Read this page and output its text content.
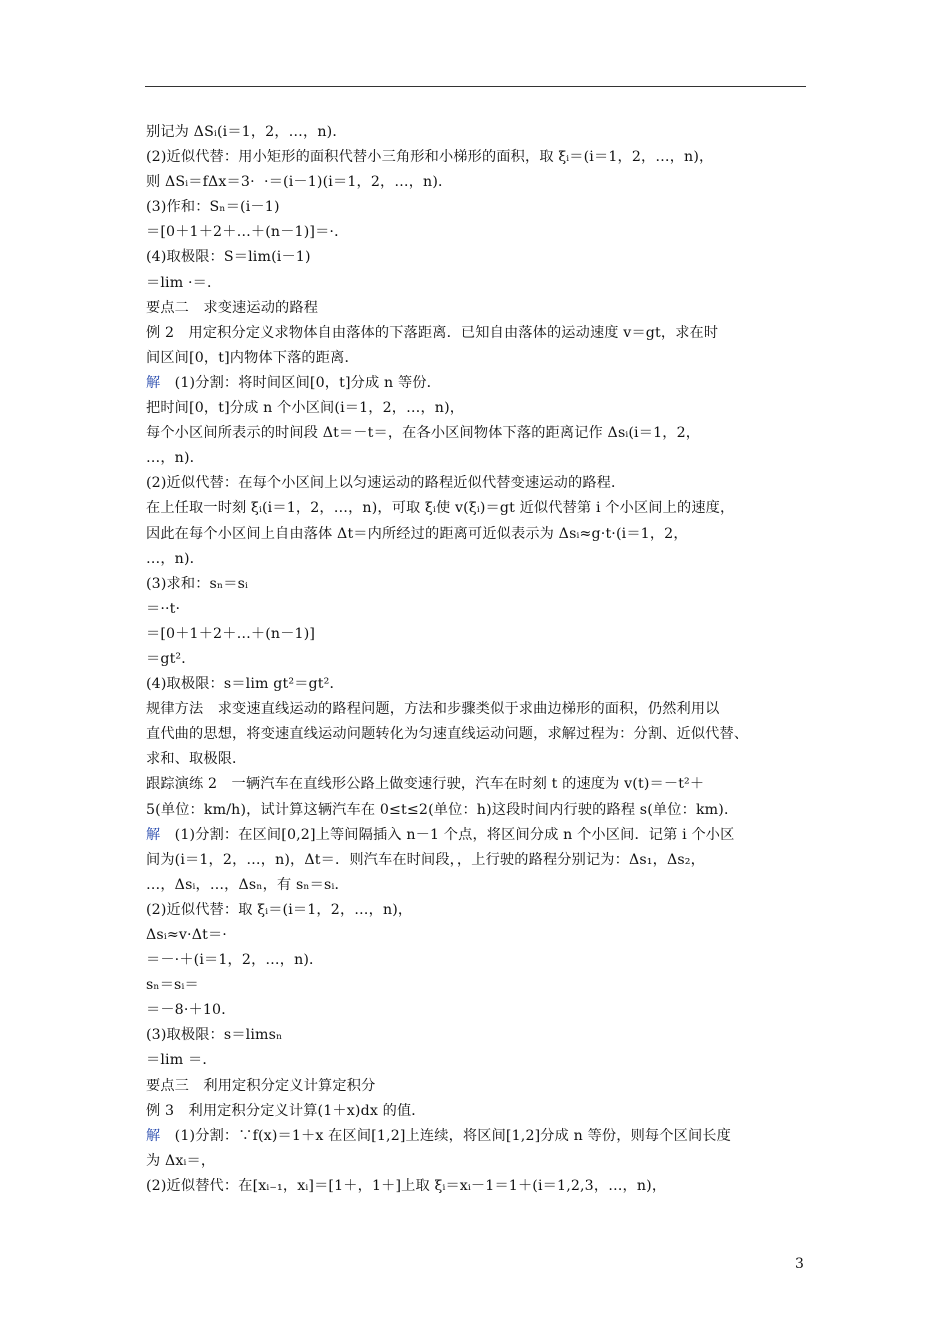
别记为 ΔSᵢ(i＝1，2，…，n)．
(2)近似代替：用小矩形的面积代替小三角形和小梯形的面积，取 ξᵢ＝(i＝1，2，…，n)，
则 ΔSᵢ＝fΔx＝3·  ·＝(i－1)(i＝1，2，…，n)．
(3)作和：Sₙ＝(i－1)
＝[0＋1＋2＋…＋(n－1)]＝·．
(4)取极限：S＝lim(i－1)
＝lim ·＝．
要点二　求变速运动的路程
例 2　用定积分定义求物体自由落体的下落距离．已知自由落体的运动速度 v＝gt，求在时
间区间[0，t]内物体下落的距离．
解　(1)分割：将时间区间[0，t]分成 n 等份．
把时间[0，t]分成 n 个小区间(i＝1，2，…，n)，
每个小区间所表示的时间段 Δt＝－t＝，在各小区间物体下落的距离记作 Δsᵢ(i＝1，2，
…，n)．
(2)近似代替：在每个小区间上以匀速运动的路程近似代替变速运动的路程．
在上任取一时刻 ξᵢ(i＝1，2，…，n)，可取 ξᵢ使 v(ξᵢ)＝gt 近似代替第 i 个小区间上的速度，
因此在每个小区间上自由落体 Δt＝内所经过的距离可近似表示为 Δsᵢ≈g·t·(i＝1，2，
…，n)．
(3)求和：sₙ＝sᵢ
＝··t·
＝[0＋1＋2＋…＋(n－1)]
＝gt²．
(4)取极限：s＝lim gt²＝gt²．
规律方法　求变速直线运动的路程问题，方法和步骤类似于求曲边梯形的面积，仍然利用以
直代曲的思想，将变速直线运动问题转化为匀速直线运动问题，求解过程为：分割、近似代替、
求和、取极限．
跟踪演练 2　一辆汽车在直线形公路上做变速行驶，汽车在时刻 t 的速度为 v(t)＝－t²＋
5(单位：km/h)，试计算这辆汽车在 0≤t≤2(单位：h)这段时间内行驶的路程 s(单位：km)．
解　(1)分割：在区间[0,2]上等间隔插入 n－1 个点，将区间分成 n 个小区间．记第 i 个小区
间为(i＝1，2，…，n)，Δt＝．则汽车在时间段，，上行驶的路程分别记为：Δs₁，Δs₂，
…，Δsᵢ，…，Δsₙ，有 sₙ＝sᵢ．
(2)近似代替：取 ξᵢ＝(i＝1，2，…，n)，
Δsᵢ≈v·Δt＝·
＝－·＋(i＝1，2，…，n)．
sₙ＝sᵢ＝
＝－8·＋10．
(3)取极限：s＝limsₙ
＝lim ＝．
要点三　利用定积分定义计算定积分
例 3　利用定积分定义计算(1＋x)dx 的值．
解　(1)分割：∵f(x)＝1＋x 在区间[1,2]上连续，将区间[1,2]分成 n 等份，则每个区间长度
为 Δxᵢ＝，
(2)近似替代：在[xᵢ₋₁，xᵢ]＝[1＋，1＋]上取 ξᵢ＝xᵢ－1＝1＋(i＝1,2,3，…，n)，
3
